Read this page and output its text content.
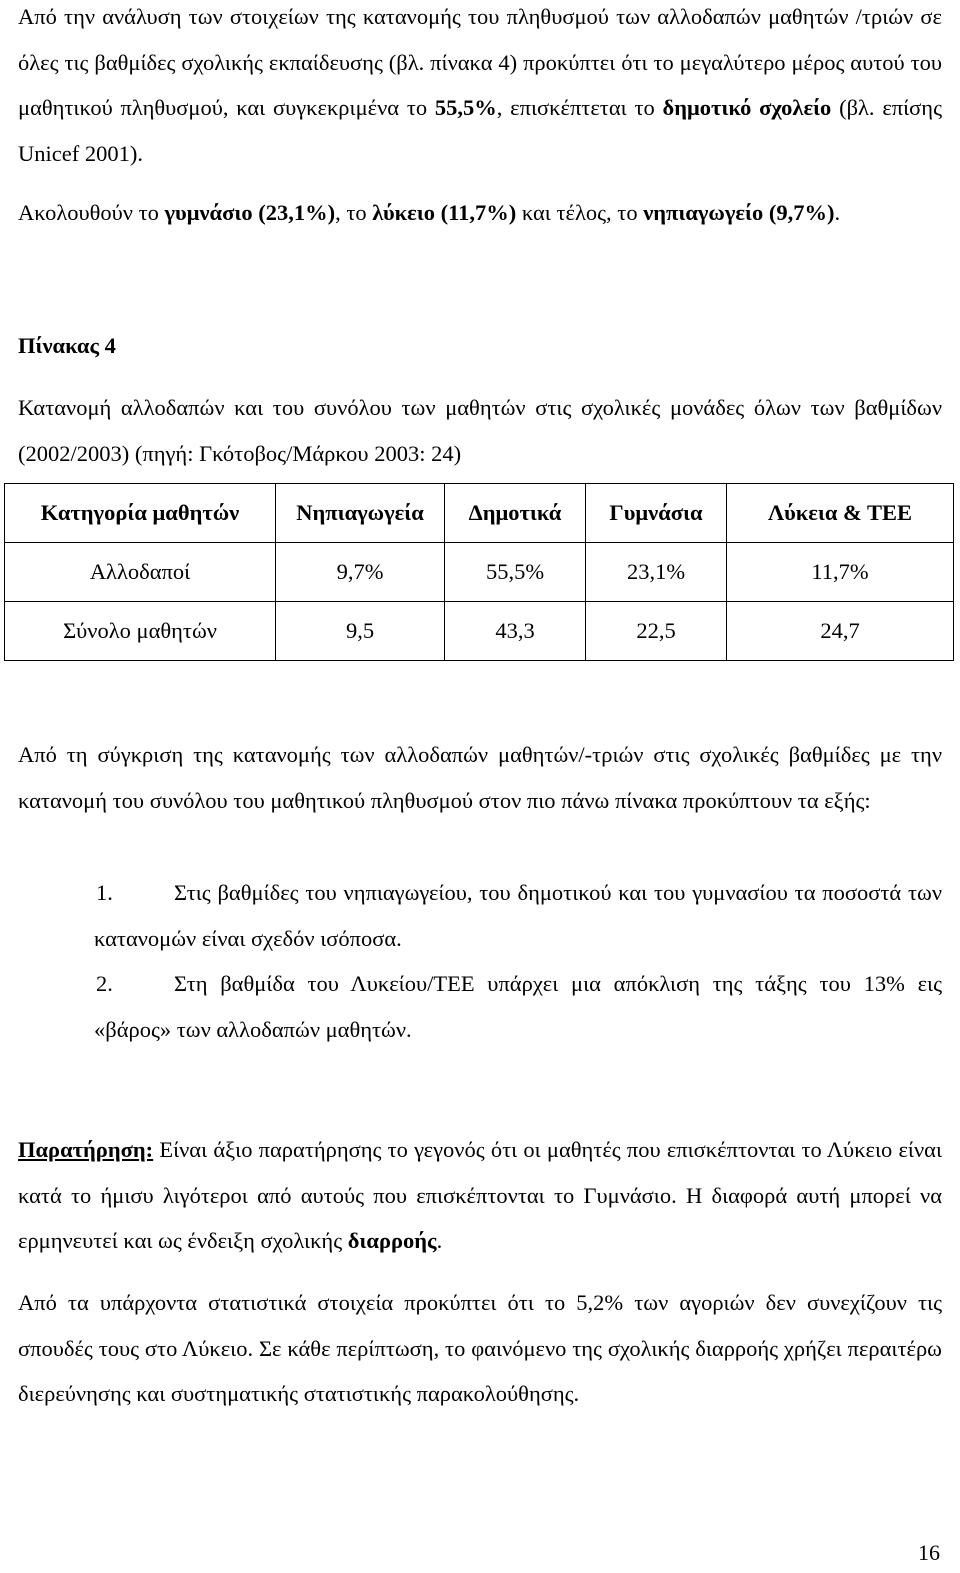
Από την ανάλυση των στοιχείων της κατανομής του πληθυσμού των αλλοδαπών μαθητών /τριών σε όλες τις βαθμίδες σχολικής εκπαίδευσης (βλ. πίνακα 4) προκύπτει ότι το μεγαλύτερο μέρος αυτού του μαθητικού πληθυσμού, και συγκεκριμένα το 55,5%, επισκέπτεται το δημοτικό σχολείο (βλ. επίσης Unicef 2001).

Ακολουθούν το γυμνάσιο (23,1%), το λύκειο (11,7%) και τέλος, το νηπιαγωγείο (9,7%).

Πίνακας 4

Κατανομή αλλοδαπών και του συνόλου των μαθητών στις σχολικές μονάδες όλων των βαθμίδων (2002/2003) (πηγή: Γκότοβος/Μάρκου 2003: 24)

Κατηγορία μαθητών	Νηπιαγωγεία	Δημοτικά	Γυμνάσια	Λύκεια & ΤΕΕ
Αλλοδαποί	9,7%	55,5%	23,1%	11,7%
Σύνολο μαθητών	9,5	43,3	22,5	24,7

Από τη σύγκριση της κατανομής των αλλοδαπών μαθητών/-τριών στις σχολικές βαθμίδες με την κατανομή του συνόλου του μαθητικού πληθυσμού στον πιο πάνω πίνακα προκύπτουν τα εξής:

1.	Στις βαθμίδες του νηπιαγωγείου, του δημοτικού και του γυμνασίου τα ποσοστά των κατανομών είναι σχεδόν ισόποσα.
2.	Στη βαθμίδα του Λυκείου/ΤΕΕ υπάρχει μια απόκλιση της τάξης του 13% εις «βάρος» των αλλοδαπών μαθητών.

Παρατήρηση: Είναι άξιο παρατήρησης το γεγονός ότι οι μαθητές που επισκέπτονται το Λύκειο είναι κατά το ήμισυ λιγότεροι από αυτούς που επισκέπτονται το Γυμνάσιο. Η διαφορά αυτή μπορεί να ερμηνευτεί και ως ένδειξη σχολικής διαρροής.

Από τα υπάρχοντα στατιστικά στοιχεία προκύπτει ότι το 5,2% των αγοριών δεν συνεχίζουν τις σπουδές τους στο Λύκειο. Σε κάθε περίπτωση, το φαινόμενο της σχολικής διαρροής χρήζει περαιτέρω διερεύνησης και συστηματικής στατιστικής παρακολούθησης.

16
